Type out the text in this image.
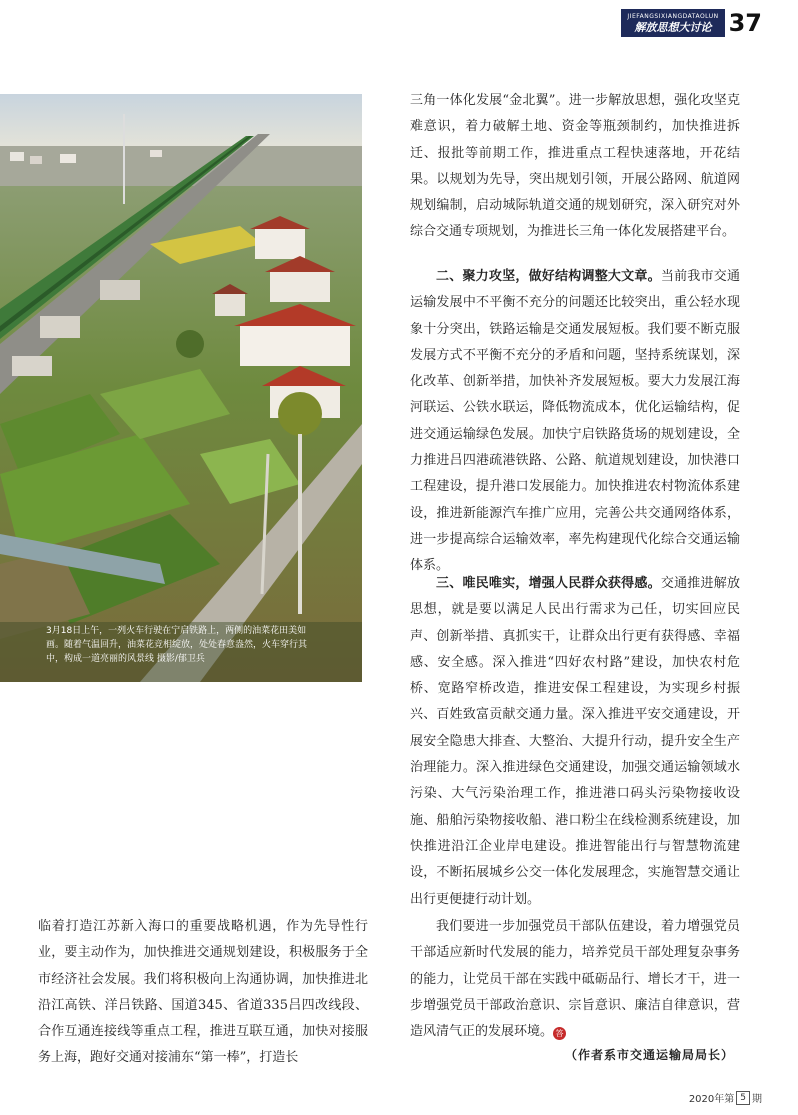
JIEFANGSIXIANGDATAOLUN
解放思想大讨论 37
3月18日上午，一列火车行驶在宁启铁路上，两侧的油菜花田美如
画。随着气温回升，油菜花竞相绽放，处处春意盎然，火车穿行其
中，构成一道亮丽的风景线 摄影/郁卫兵

三角一体化发展“金北翼”。进一步解放思想，强化攻坚克难意识，着力破解土地、资金等瓶颈制约，加快推进拆迁、报批等前期工作，推进重点工程快速落地，开花结果。以规划为先导，突出规划引领，开展公路网、航道网规划编制，启动城际轨道交通的规划研究，深入研究对外综合交通专项规划，为推进长三角一体化发展搭建平台。

二、聚力攻坚，做好结构调整大文章。当前我市交通运输发展中不平衡不充分的问题还比较突出，重公轻水现象十分突出，铁路运输是交通发展短板。我们要不断克服发展方式不平衡不充分的矛盾和问题，坚持系统谋划，深化改革、创新举措，加快补齐发展短板。要大力发展江海河联运、公铁水联运，降低物流成本，优化运输结构，促进交通运输绿色发展。加快宁启铁路货场的规划建设，全力推进吕四港疏港铁路、公路、航道规划建设，加快港口工程建设，提升港口发展能力。加快推进农村物流体系建设，推进新能源汽车推广应用，完善公共交通网络体系，进一步提高综合运输效率，率先构建现代化综合交通运输体系。

三、唯民唯实，增强人民群众获得感。交通推进解放思想，就是要以满足人民出行需求为己任，切实回应民声、创新举措、真抓实干，让群众出行更有获得感、幸福感、安全感。深入推进“四好农村路”建设，加快农村危桥、宽路窄桥改造，推进安保工程建设，为实现乡村振兴、百姓致富贡献交通力量。深入推进平安交通建设，开展安全隐患大排查、大整治、大提升行动，提升安全生产治理能力。深入推进绿色交通建设，加强交通运输领域水污染、大气污染治理工作，推进港口码头污染物接收设施、船舶污染物接收船、港口粉尘在线检测系统建设，加快推进沿江企业岸电建设。推进智能出行与智慧物流建设，不断拓展城乡公交一体化发展理念，实施智慧交通让出行更便捷行动计划。

我们要进一步加强党员干部队伍建设，着力增强党员干部适应新时代发展的能力，培养党员干部处理复杂事务的能力，让党员干部在实践中砥砺品行、增长才干，进一步增强党员干部政治意识、宗旨意识、廉洁自律意识，营造风清气正的发展环境。 答

（作者系市交通运输局局长）

临着打造江苏新入海口的重要战略机遇，作为先导性行业，要主动作为，加快推进交通规划建设，积极服务于全市经济社会发展。我们将积极向上沟通协调，加快推进北沿江高铁、洋吕铁路、国道345、省道335吕四改线段、合作互通连接线等重点工程，推进互联互通，加快对接服务上海，跑好交通对接浦东“第一棒”，打造长

2020年 第 5 期
